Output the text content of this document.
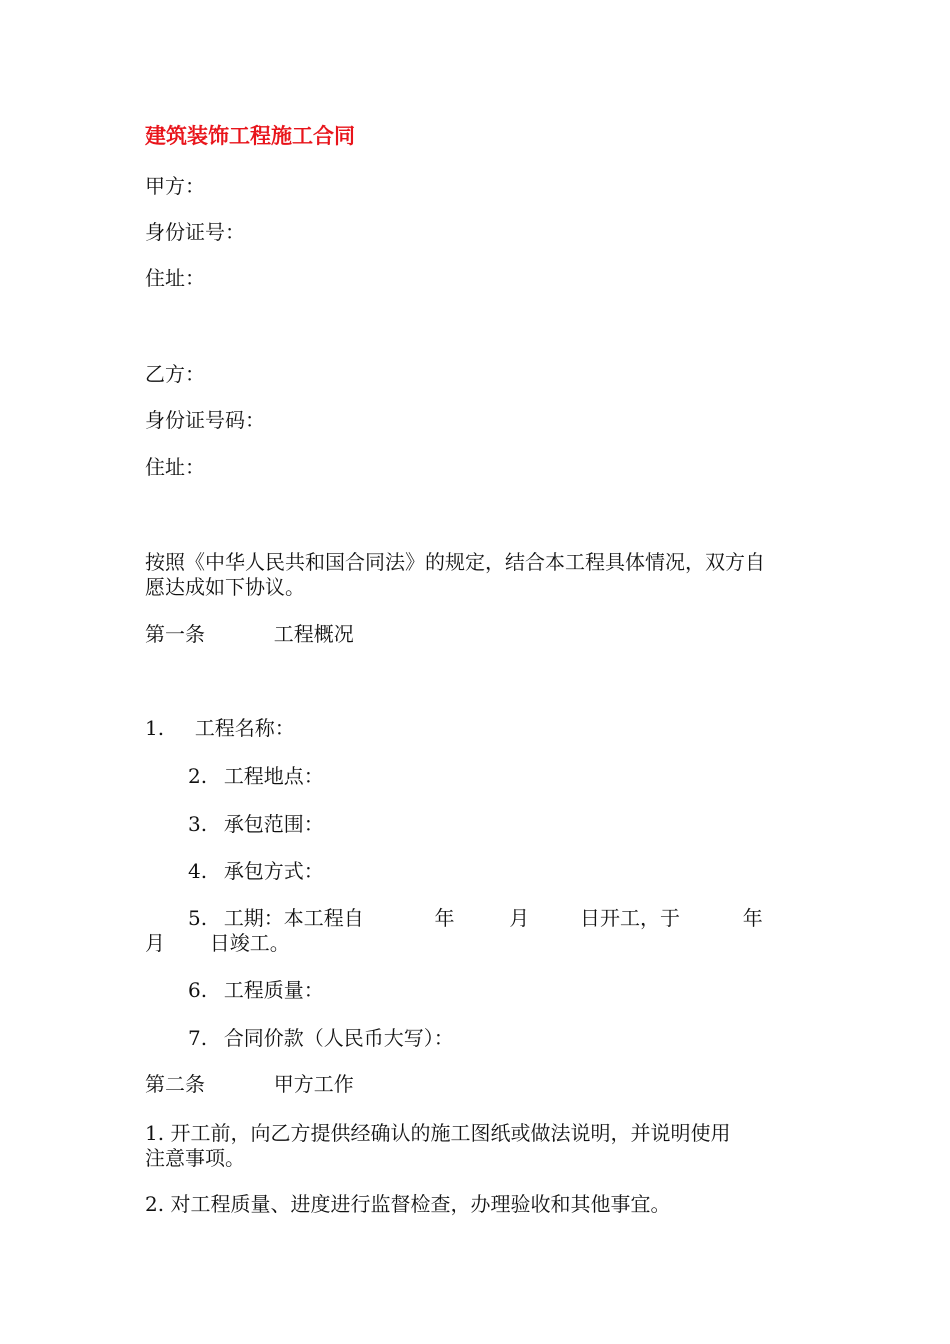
建筑装饰工程施工合同
甲方：
身份证号：
住址：
乙方：
身份证号码：
住址：
按照《中华人民共和国合同法》的规定，结合本工程具体情况，双方自
愿达成如下协议。
第一条	工程概况
1. 工程名称：
2. 工程地点：
3. 承包范围：
4. 承包方式：
5. 工期：本工程自	年	月	日开工，于	年
月 日竣工。
6. 工程质量：
7. 合同价款（人民币大写）：
第二条	甲方工作
1. 开工前，向乙方提供经确认的施工图纸或做法说明，并说明使用
注意事项。
2. 对工程质量、进度进行监督检查，办理验收和其他事宜。
